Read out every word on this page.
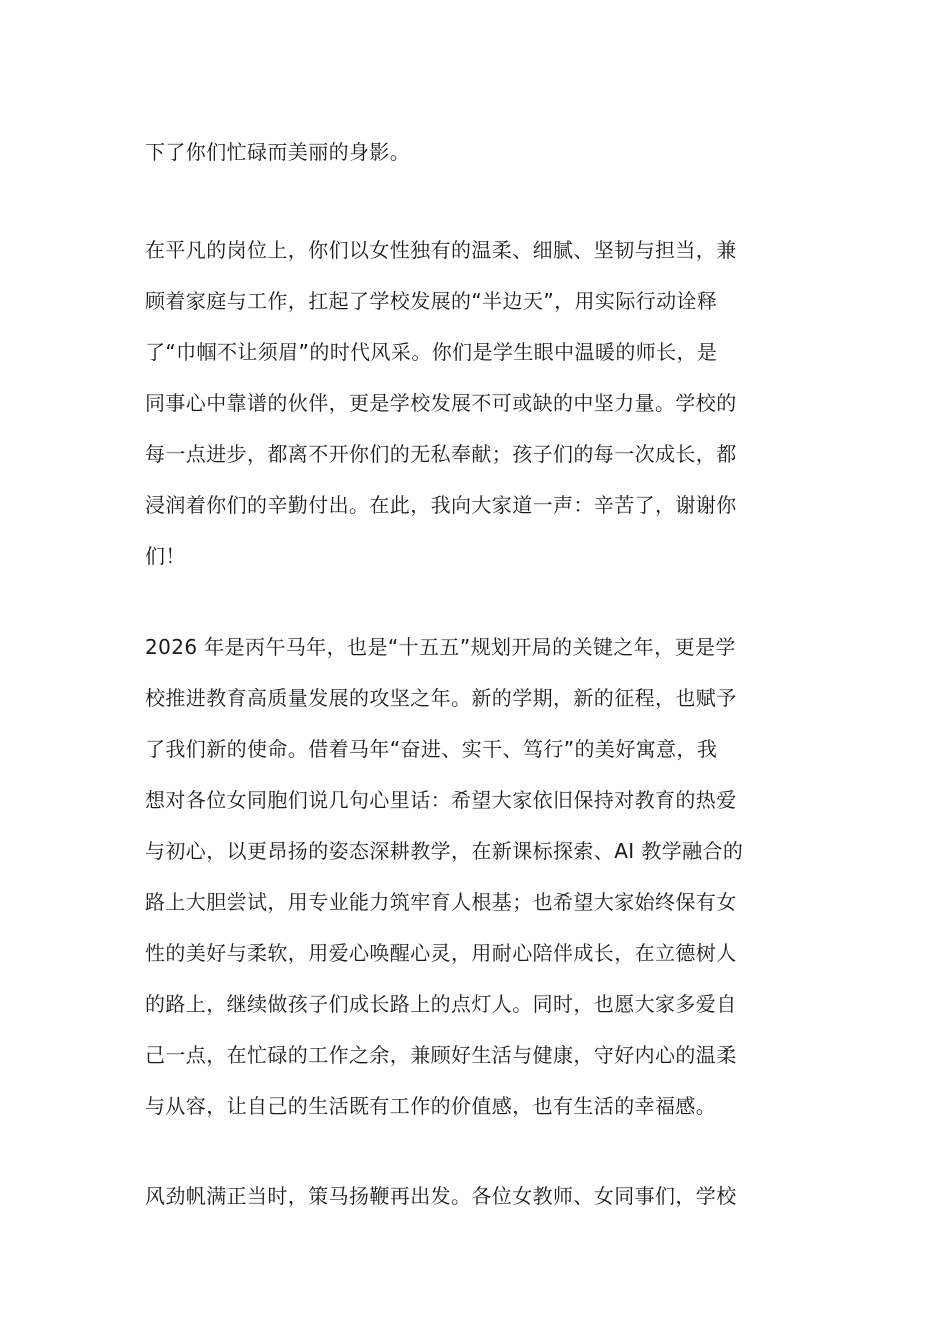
下了你们忙碌而美丽的身影。

在平凡的岗位上，你们以女性独有的温柔、细腻、坚韧与担当，兼
顾着家庭与工作，扛起了学校发展的“半边天”，用实际行动诠释
了“巾帼不让须眉”的时代风采。你们是学生眼中温暖的师长，是
同事心中靠谱的伙伴，更是学校发展不可或缺的中坚力量。学校的
每一点进步，都离不开你们的无私奉献；孩子们的每一次成长，都
浸润着你们的辛勤付出。在此，我向大家道一声：辛苦了，谢谢你
们！

2026 年是丙午马年，也是“十五五”规划开局的关键之年，更是学
校推进教育高质量发展的攻坚之年。新的学期，新的征程，也赋予
了我们新的使命。借着马年“奋进、实干、笃行”的美好寓意，我
想对各位女同胞们说几句心里话：希望大家依旧保持对教育的热爱
与初心，以更昂扬的姿态深耕教学，在新课标探索、AI 教学融合的
路上大胆尝试，用专业能力筑牢育人根基；也希望大家始终保有女
性的美好与柔软，用爱心唤醒心灵，用耐心陪伴成长，在立德树人
的路上，继续做孩子们成长路上的点灯人。同时，也愿大家多爱自
己一点，在忙碌的工作之余，兼顾好生活与健康，守好内心的温柔
与从容，让自己的生活既有工作的价值感，也有生活的幸福感。

风劲帆满正当时，策马扬鞭再出发。各位女教师、女同事们，学校
